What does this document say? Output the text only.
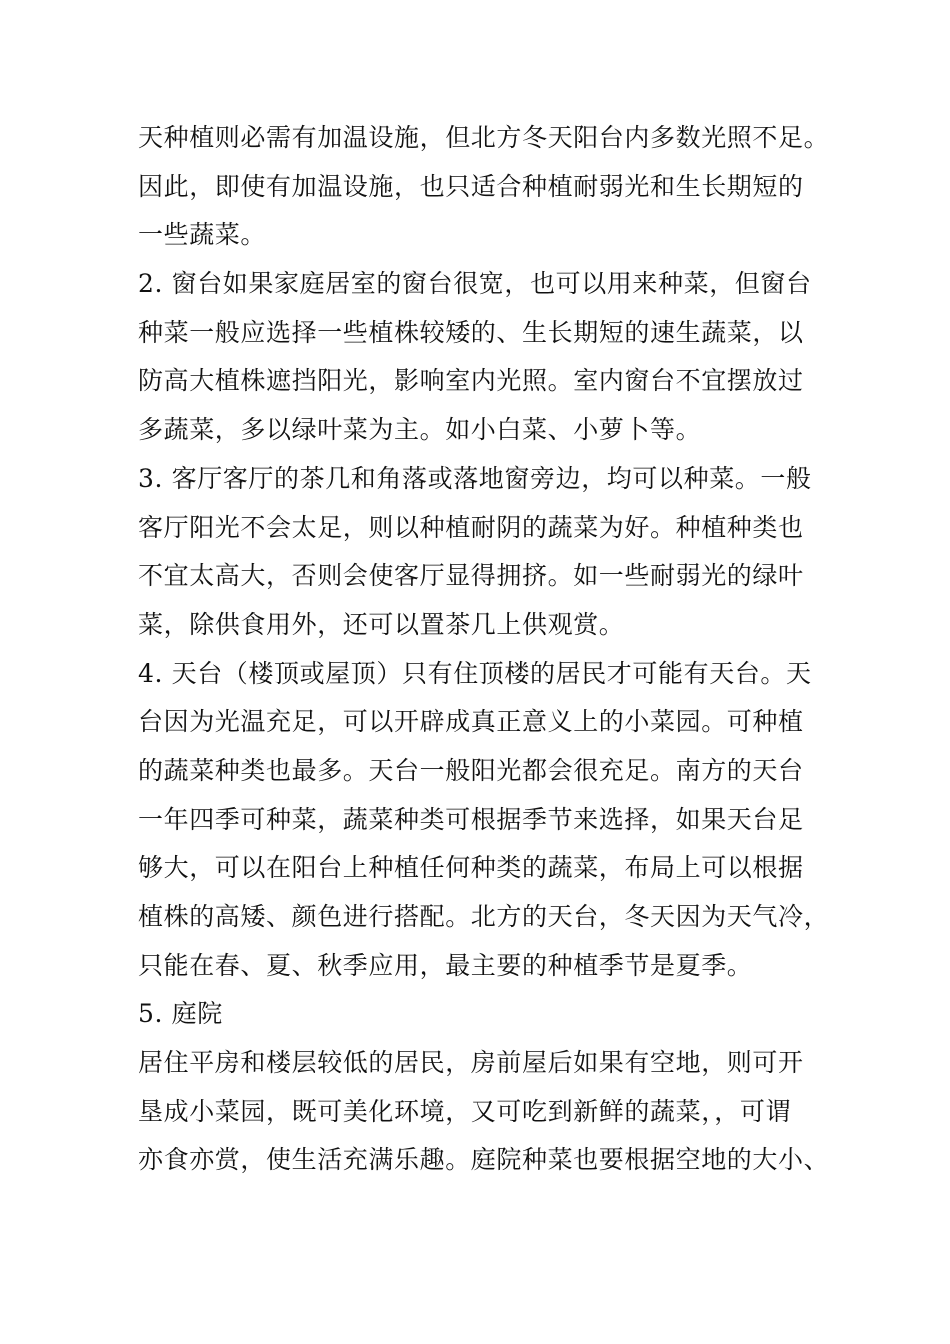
天种植则必需有加温设施，但北方冬天阳台内多数光照不足。
因此，即使有加温设施，也只适合种植耐弱光和生长期短的
一些蔬菜。
2. 窗台如果家庭居室的窗台很宽，也可以用来种菜，但窗台
种菜一般应选择一些植株较矮的、生长期短的速生蔬菜，以
防高大植株遮挡阳光，影响室内光照。室内窗台不宜摆放过
多蔬菜，多以绿叶菜为主。如小白菜、小萝卜等。
3. 客厅客厅的茶几和角落或落地窗旁边，均可以种菜。一般
客厅阳光不会太足，则以种植耐阴的蔬菜为好。种植种类也
不宜太高大，否则会使客厅显得拥挤。如一些耐弱光的绿叶
菜，除供食用外，还可以置茶几上供观赏。
4. 天台（楼顶或屋顶）只有住顶楼的居民才可能有天台。天
台因为光温充足，可以开辟成真正意义上的小菜园。可种植
的蔬菜种类也最多。天台一般阳光都会很充足。南方的天台
一年四季可种菜，蔬菜种类可根据季节来选择，如果天台足
够大，可以在阳台上种植任何种类的蔬菜，布局上可以根据
植株的高矮、颜色进行搭配。北方的天台，冬天因为天气冷，
只能在春、夏、秋季应用，最主要的种植季节是夏季。
5. 庭院
居住平房和楼层较低的居民，房前屋后如果有空地，则可开
垦成小菜园，既可美化环境，又可吃到新鲜的蔬菜，，可谓
亦食亦赏，使生活充满乐趣。庭院种菜也要根据空地的大小、
